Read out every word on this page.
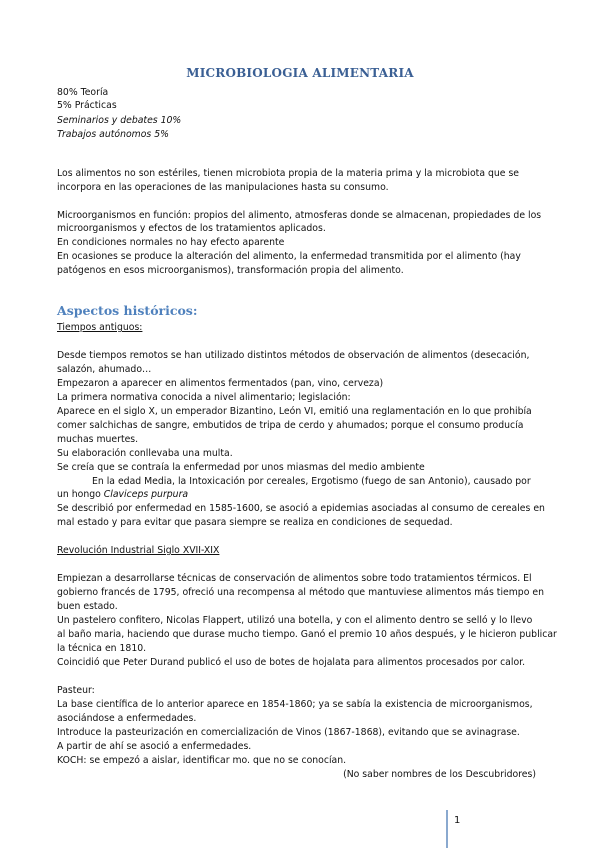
MICROBIOLOGIA ALIMENTARIA
80% Teoría
5% Prácticas
Seminarios y debates 10%
Trabajos autónomos 5%
Los alimentos no son estériles, tienen microbiota propia de la materia prima y la microbiota que se
incorpora en las operaciones de las manipulaciones hasta su consumo.
Microorganismos en función: propios del alimento, atmosferas donde se almacenan, propiedades de los
microorganismos y efectos de los tratamientos aplicados.
En condiciones normales no hay efecto aparente
En ocasiones se produce la alteración del alimento, la enfermedad transmitida por el alimento (hay
patógenos en esos microorganismos), transformación propia del alimento.
Aspectos históricos:
Tiempos antiguos:
Desde tiempos remotos se han utilizado distintos métodos de observación de alimentos (desecación,
salazón, ahumado…
Empezaron a aparecer en alimentos fermentados (pan, vino, cerveza)
La primera normativa conocida a nivel alimentario; legislación:
Aparece en el siglo X, un emperador Bizantino, León VI, emitió una reglamentación en lo que prohibía
comer salchichas de sangre, embutidos de tripa de cerdo y ahumados; porque el consumo producía
muchas muertes.
Su elaboración conllevaba una multa.
Se creía que se contraía la enfermedad por unos miasmas del medio ambiente
En la edad Media, la Intoxicación por cereales, Ergotismo (fuego de san Antonio), causado por
un hongo Claviceps purpura
Se describió por enfermedad en 1585-1600, se asoció a epidemias asociadas al consumo de cereales en
mal estado y para evitar que pasara siempre se realiza en condiciones de sequedad.
Revolución Industrial Siglo XVII-XIX
Empiezan a desarrollarse técnicas de conservación de alimentos sobre todo tratamientos térmicos. El
gobierno francés de 1795, ofreció una recompensa al método que mantuviese alimentos más tiempo en
buen estado.
Un pastelero confitero, Nicolas Flappert, utilizó una botella, y con el alimento dentro se selló y lo llevo
al baño maria, haciendo que durase mucho tiempo. Ganó el premio 10 años después, y le hicieron publicar
la técnica en 1810.
Coincidió que Peter Durand publicó el uso de botes de hojalata para alimentos procesados por calor.
Pasteur:
La base científica de lo anterior aparece en 1854-1860; ya se sabía la existencia de microorganismos,
asociándose a enfermedades.
Introduce la pasteurización en comercialización de Vinos (1867-1868), evitando que se avinagrase.
A partir de ahí se asoció a enfermedades.
KOCH: se empezó a aislar, identificar mo. que no se conocían.
(No saber nombres de los Descubridores)
1
